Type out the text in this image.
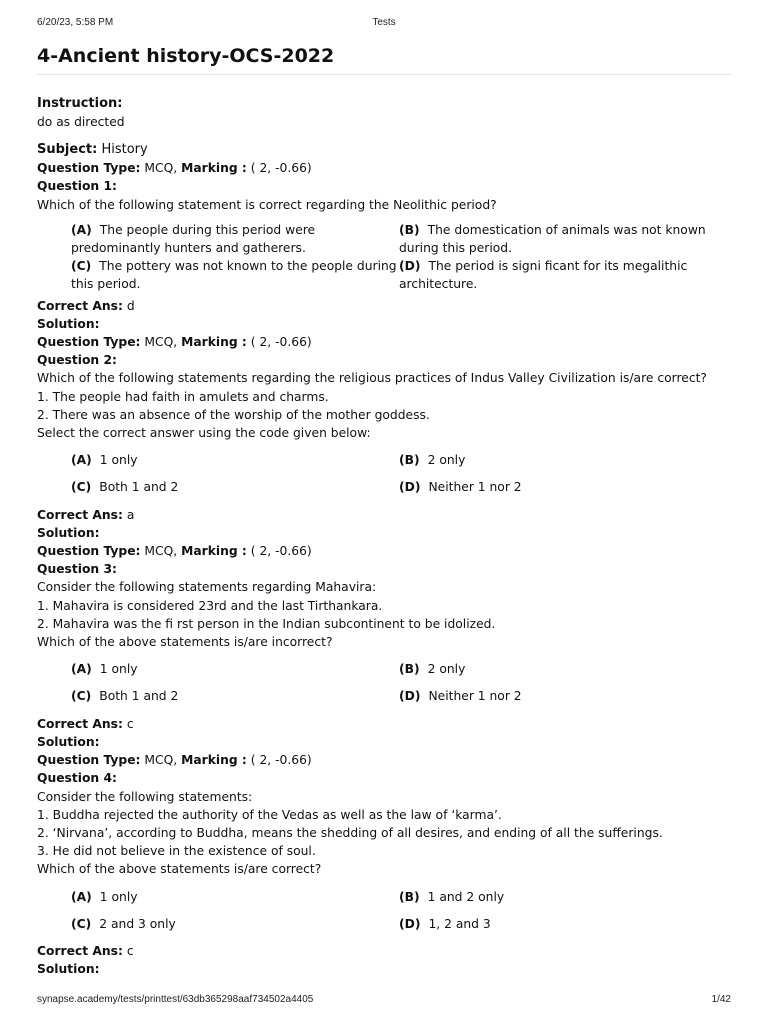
6/20/23, 5:58 PM	Tests
4-Ancient history-OCS-2022
Instruction:
do as directed
Subject: History
Question Type: MCQ, Marking : ( 2, -0.66)
Question 1:
Which of the following statement is correct regarding the Neolithic period?
(A) The people during this period were predominantly hunters and gatherers.
(B) The domestication of animals was not known during this period.
(C) The pottery was not known to the people during this period.
(D) The period is signi ficant for its megalithic architecture.
Correct Ans: d
Solution:
Question Type: MCQ, Marking : ( 2, -0.66)
Question 2:
Which of the following statements regarding the religious practices of Indus Valley Civilization is/are correct?
1. The people had faith in amulets and charms.
2. There was an absence of the worship of the mother goddess.
Select the correct answer using the code given below:
(A) 1 only	(B) 2 only
(C) Both 1 and 2	(D) Neither 1 nor 2
Correct Ans: a
Solution:
Question Type: MCQ, Marking : ( 2, -0.66)
Question 3:
Consider the following statements regarding Mahavira:
1. Mahavira is considered 23rd and the last Tirthankara.
2. Mahavira was the fi rst person in the Indian subcontinent to be idolized.
Which of the above statements is/are incorrect?
(A) 1 only	(B) 2 only
(C) Both 1 and 2	(D) Neither 1 nor 2
Correct Ans: c
Solution:
Question Type: MCQ, Marking : ( 2, -0.66)
Question 4:
Consider the following statements:
1. Buddha rejected the authority of the Vedas as well as the law of ‘karma’.
2. ‘Nirvana’, according to Buddha, means the shedding of all desires, and ending of all the sufferings.
3. He did not believe in the existence of soul.
Which of the above statements is/are correct?
(A) 1 only	(B) 1 and 2 only
(C) 2 and 3 only	(D) 1, 2 and 3
Correct Ans: c
Solution:
synapse.academy/tests/printtest/63db365298aaf734502a4405	1/42
